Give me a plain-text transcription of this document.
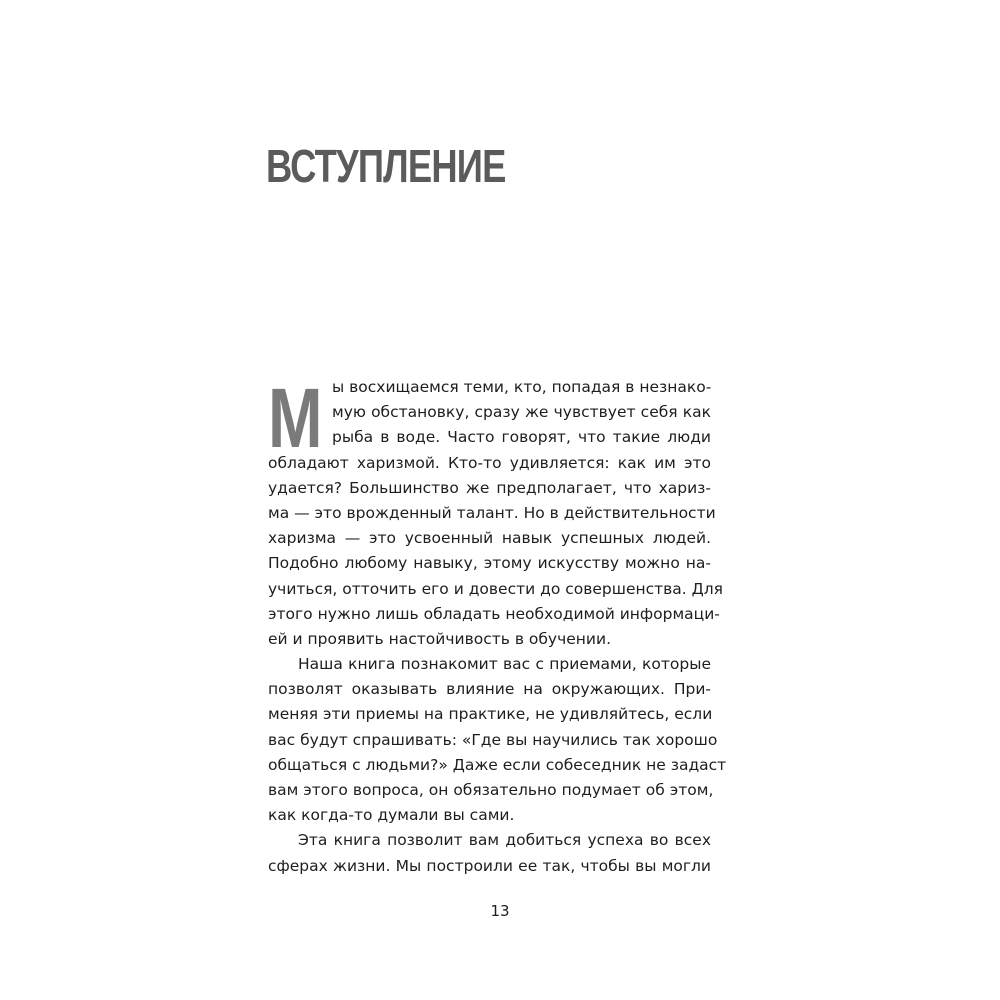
ВСТУПЛЕНИЕ
М ы восхищаемся теми, кто, попадая в незнако-
мую обстановку, сразу же чувствует себя как
рыба в воде. Часто говорят, что такие люди
обладают харизмой. Кто-то удивляется: как им это
удается? Большинство же предполагает, что хариз-
ма — это врожденный талант. Но в действительности
харизма — это усвоенный навык успешных людей.
Подобно любому навыку, этому искусству можно на-
учиться, отточить его и довести до совершенства. Для
этого нужно лишь обладать необходимой информаци-
ей и проявить настойчивость в обучении.
Наша книга познакомит вас с приемами, которые
позволят оказывать влияние на окружающих. При-
меняя эти приемы на практике, не удивляйтесь, если
вас будут спрашивать: «Где вы научились так хорошо
общаться с людьми?» Даже если собеседник не задаст
вам этого вопроса, он обязательно подумает об этом,
как когда-то думали вы сами.
Эта книга позволит вам добиться успеха во всех
сферах жизни. Мы построили ее так, чтобы вы могли
13
